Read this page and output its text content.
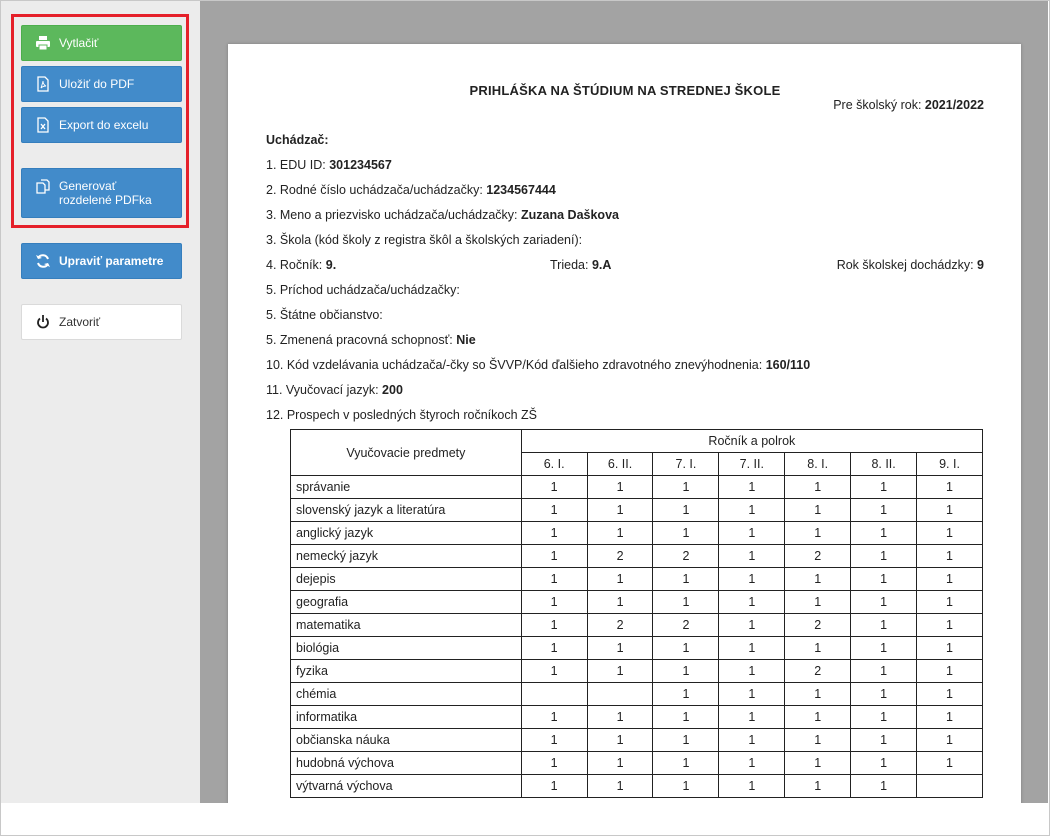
Vytlačiť
Uložiť do PDF
Export do excelu
Generovať
rozdelené PDFka
Upraviť parametre
Zatvoriť
PRIHLÁŠKA NA ŠTÚDIUM NA STREDNEJ ŠKOLE
Pre školský rok: 2021/2022
Uchádzač:
1. EDU ID: 301234567
2. Rodné číslo uchádzača/uchádzačky: 1234567444
3. Meno a priezvisko uchádzača/uchádzačky: Zuzana Daškova
3. Škola (kód školy z registra škôl a školských zariadení):
4. Ročník: 9.	Trieda: 9.A	Rok školskej dochádzky: 9
5. Príchod uchádzača/uchádzačky:
5. Štátne občianstvo:
5. Zmenená pracovná schopnosť: Nie
10. Kód vzdelávania uchádzača/-čky so ŠVVP/Kód ďalšieho zdravotného znevýhodnenia: 160/110
11. Vyučovací jazyk: 200
12. Prospech v posledných štyroch ročníkoch ZŠ
Vyučovacie predmety	Ročník a polrok						
	6. I.	6. II.	7. I.	7. II.	8. I.	8. II.	9. I.
správanie	1	1	1	1	1	1	1
slovenský jazyk a literatúra	1	1	1	1	1	1	1
anglický jazyk	1	1	1	1	1	1	1
nemecký jazyk	1	2	2	1	2	1	1
dejepis	1	1	1	1	1	1	1
geografia	1	1	1	1	1	1	1
matematika	1	2	2	1	2	1	1
biológia	1	1	1	1	1	1	1
fyzika	1	1	1	1	2	1	1
chémia			1	1	1	1	1
informatika	1	1	1	1	1	1	1
občianska náuka	1	1	1	1	1	1	1
hudobná výchova	1	1	1	1	1	1	1
výtvarná výchova	1	1	1	1	1	1	
